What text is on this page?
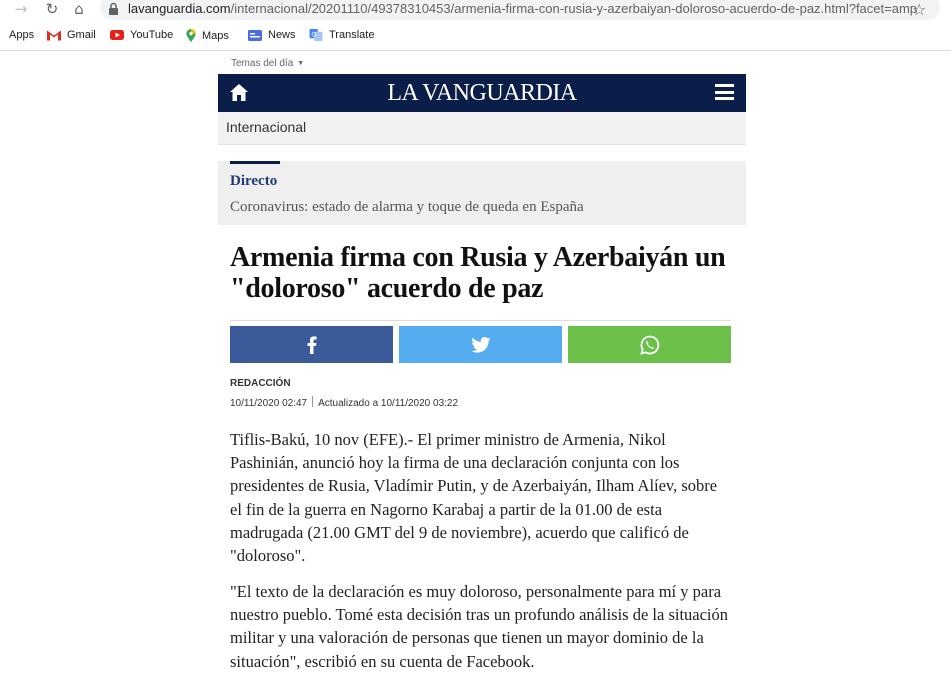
→ ↻ ⌂	lavanguardia.com/internacional/20201110/49378310453/armenia-firma-con-rusia-y-azerbaiyan-doloroso-acuerdo-de-paz.html?facet=amp
☆
Apps	Gmail	YouTube	Maps	News G Translate
Temas del día ▼
LA VANGUARDIA
Internacional
Directo
Coronavirus: estado de alarma y toque de queda en España
Armenia firma con Rusia y Azerbaiyán un "doloroso" acuerdo de paz
REDACCIÓN
10/11/2020 02:47 Actualizado a 10/11/2020 03:22

Tiflis-Bakú, 10 nov (EFE).- El primer ministro de Armenia, Nikol Pashinián, anunció hoy la firma de una declaración conjunta con los presidentes de Rusia, Vladímir Putin, y de Azerbaiyán, Ilham Alíev, sobre el fin de la guerra en Nagorno Karabaj a partir de la 01.00 de esta madrugada (21.00 GMT del 9 de noviembre), acuerdo que calificó de "doloroso".

"El texto de la declaración es muy doloroso, personalmente para mí y para nuestro pueblo. Tomé esta decisión tras un profundo análisis de la situación militar y una valoración de personas que tienen un mayor dominio de la situación", escribió en su cuenta de Facebook.
